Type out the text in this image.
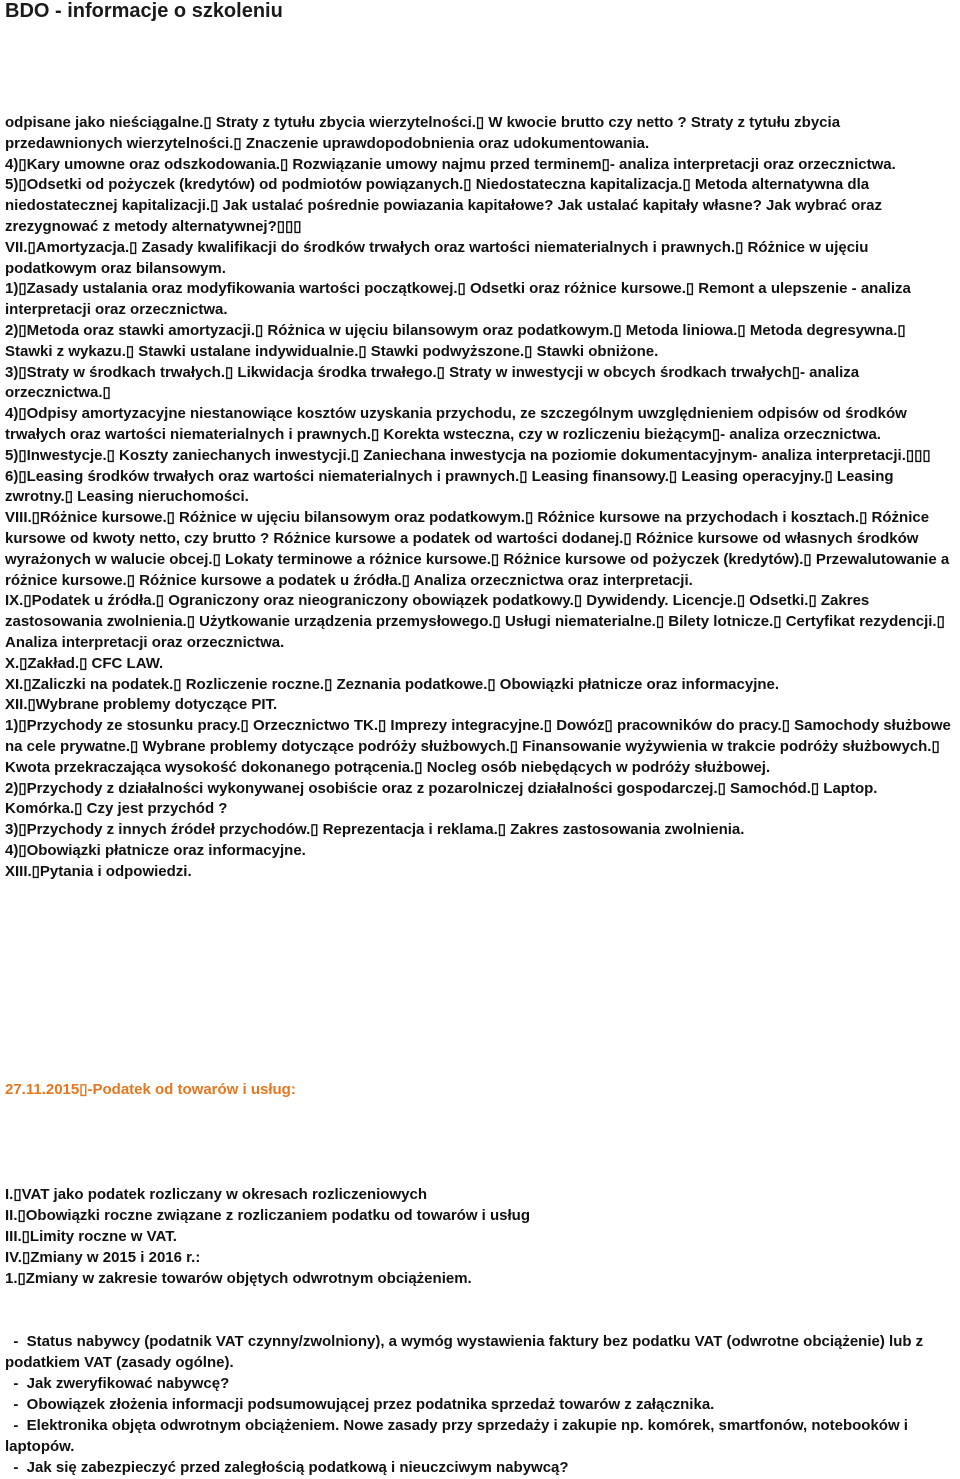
BDO - informacje o szkoleniu

odpisane jako nieściągalne.▯ Straty z tytułu zbycia wierzytelności.▯ W kwocie brutto czy netto ? Straty z tytułu zbycia przedawnionych wierzytelności.▯ Znaczenie uprawdopodobnienia oraz udokumentowania.

4)▯Kary umowne oraz odszkodowania.▯ Rozwiązanie umowy najmu przed terminem▯- analiza interpretacji oraz orzecznictwa.

5)▯Odsetki od pożyczek (kredytów) od podmiotów powiązanych.▯ Niedostateczna kapitalizacja.▯ Metoda alternatywna dla niedostatecznej kapitalizacji.▯ Jak ustalać pośrednie powiazania kapitałowe? Jak ustalać kapitały własne? Jak wybrać oraz zrezygnować z metody alternatywnej?▯▯▯

VII.▯Amortyzacja.▯ Zasady kwalifikacji do środków trwałych oraz wartości niematerialnych i prawnych.▯ Różnice w ujęciu podatkowym oraz bilansowym.

1)▯Zasady ustalania oraz modyfikowania wartości początkowej.▯ Odsetki oraz różnice kursowe.▯ Remont a ulepszenie - analiza interpretacji oraz orzecznictwa.

2)▯Metoda oraz stawki amortyzacji.▯ Różnica w ujęciu bilansowym oraz podatkowym.▯ Metoda liniowa.▯ Metoda degresywna.▯ Stawki z wykazu.▯ Stawki ustalane indywidualnie.▯ Stawki podwyższone.▯ Stawki obniżone.

3)▯Straty w środkach trwałych.▯ Likwidacja środka trwałego.▯ Straty w inwestycji w obcych środkach trwałych▯- analiza orzecznictwa.▯

4)▯Odpisy amortyzacyjne niestanowiące kosztów uzyskania przychodu, ze szczególnym uwzględnieniem odpisów od środków trwałych oraz wartości niematerialnych i prawnych.▯ Korekta wsteczna, czy w rozliczeniu bieżącym▯- analiza orzecznictwa.

5)▯Inwestycje.▯ Koszty zaniechanych inwestycji.▯ Zaniechana inwestycja na poziomie dokumentacyjnym- analiza interpretacji.▯▯▯

6)▯Leasing środków trwałych oraz wartości niematerialnych i prawnych.▯ Leasing finansowy.▯ Leasing operacyjny.▯ Leasing zwrotny.▯ Leasing nieruchomości.

VIII.▯Różnice kursowe.▯ Różnice w ujęciu bilansowym oraz podatkowym.▯ Różnice kursowe na przychodach i kosztach.▯ Różnice kursowe od kwoty netto, czy brutto ? Różnice kursowe a podatek od wartości dodanej.▯ Różnice kursowe od własnych środków wyrażonych w walucie obcej.▯ Lokaty terminowe a różnice kursowe.▯ Różnice kursowe od pożyczek (kredytów).▯ Przewalutowanie a różnice kursowe.▯ Różnice kursowe a podatek u źródła.▯ Analiza orzecznictwa oraz interpretacji.

IX.▯Podatek u źródła.▯ Ograniczony oraz nieograniczony obowiązek podatkowy.▯ Dywidendy. Licencje.▯ Odsetki.▯ Zakres zastosowania zwolnienia.▯ Użytkowanie urządzenia przemysłowego.▯ Usługi niematerialne.▯ Bilety lotnicze.▯ Certyfikat rezydencji.▯ Analiza interpretacji oraz orzecznictwa.

X.▯Zakład.▯ CFC LAW.

XI.▯Zaliczki na podatek.▯ Rozliczenie roczne.▯ Zeznania podatkowe.▯ Obowiązki płatnicze oraz informacyjne.

XII.▯Wybrane problemy dotyczące PIT.

1)▯Przychody ze stosunku pracy.▯ Orzecznictwo TK.▯ Imprezy integracyjne.▯ Dowóz▯ pracowników do pracy.▯ Samochody służbowe na cele prywatne.▯ Wybrane problemy dotyczące podróży służbowych.▯ Finansowanie wyżywienia w trakcie podróży służbowych.▯ Kwota przekraczająca wysokość dokonanego potrącenia.▯ Nocleg osób niebędących w podróży służbowej.

2)▯Przychody z działalności wykonywanej osobiście oraz z pozarolniczej działalności gospodarczej.▯ Samochód.▯ Laptop. Komórka.▯ Czy jest przychód ?

3)▯Przychody z innych źródeł przychodów.▯ Reprezentacja i reklama.▯ Zakres zastosowania zwolnienia.

4)▯Obowiązki płatnicze oraz informacyjne.

XIII.▯Pytania i odpowiedzi.

27.11.2015▯-Podatek od towarów i usług:

I.▯VAT jako podatek rozliczany w okresach rozliczeniowych

II.▯Obowiązki roczne związane z rozliczaniem podatku od towarów i usług

III.▯Limity roczne w VAT.

IV.▯Zmiany w 2015 i 2016 r.:

1.▯Zmiany w zakresie towarów objętych odwrotnym obciążeniem.

-  Status nabywcy (podatnik VAT czynny/zwolniony), a wymóg wystawienia faktury bez podatku VAT (odwrotne obciążenie) lub z podatkiem VAT (zasady ogólne).

-  Jak zweryfikować nabywcę?

-  Obowiązek złożenia informacji podsumowującej przez podatnika sprzedaż towarów z załącznika.

-  Elektronika objęta odwrotnym obciążeniem. Nowe zasady przy sprzedaży i zakupie np. komórek, smartfonów, notebooków i laptopów.

-  Jak się zabezpieczyć przed zaległością podatkową i nieuczciwym nabywcą?
